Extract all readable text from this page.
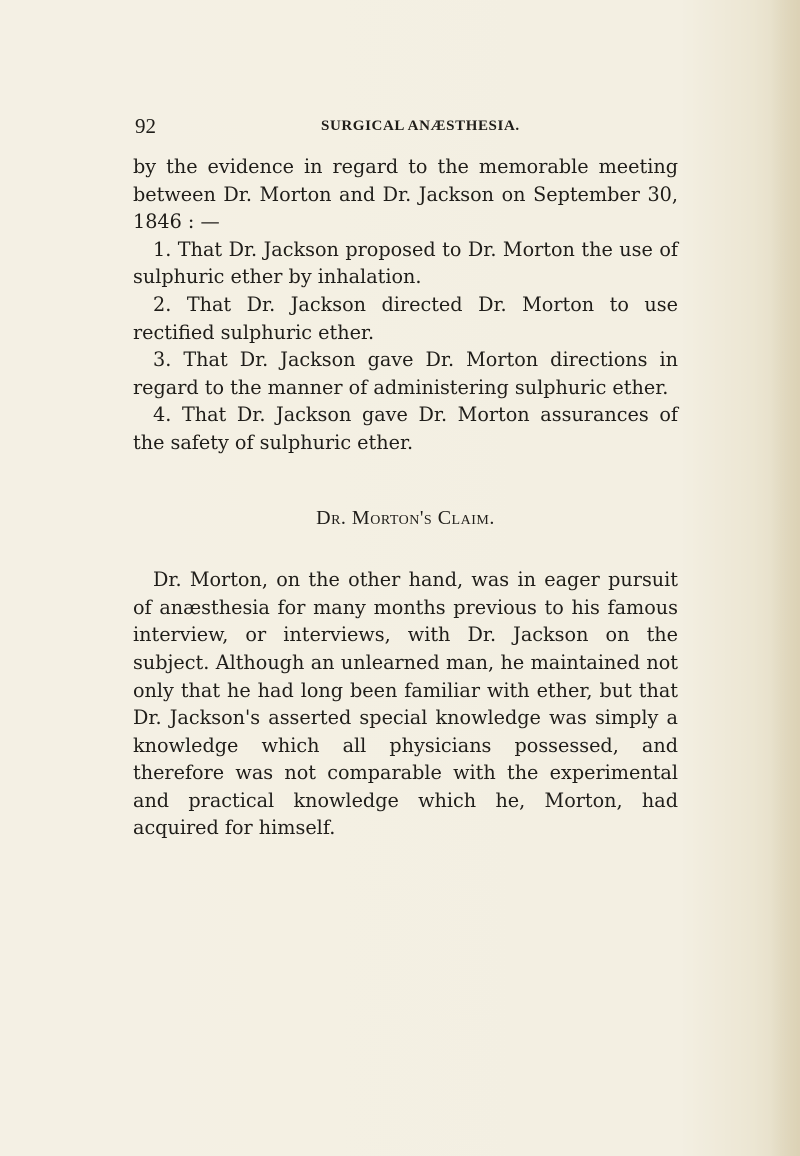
92	SURGICAL ANÆSTHESIA.

by the evidence in regard to the memorable meeting between Dr. Morton and Dr. Jackson on September 30, 1846 : —

1. That Dr. Jackson proposed to Dr. Morton the use of sulphuric ether by inhalation.

2. That Dr. Jackson directed Dr. Morton to use rectified sulphuric ether.

3. That Dr. Jackson gave Dr. Morton directions in regard to the manner of administering sulphuric ether.

4. That Dr. Jackson gave Dr. Morton assurances of the safety of sulphuric ether.

Dr. Morton's Claim.

Dr. Morton, on the other hand, was in eager pursuit of anæsthesia for many months previous to his famous interview, or interviews, with Dr. Jackson on the subject. Although an unlearned man, he maintained not only that he had long been familiar with ether, but that Dr. Jackson's asserted special knowledge was simply a knowledge which all physicians possessed, and therefore was not comparable with the experimental and practical knowledge which he, Morton, had acquired for himself.
